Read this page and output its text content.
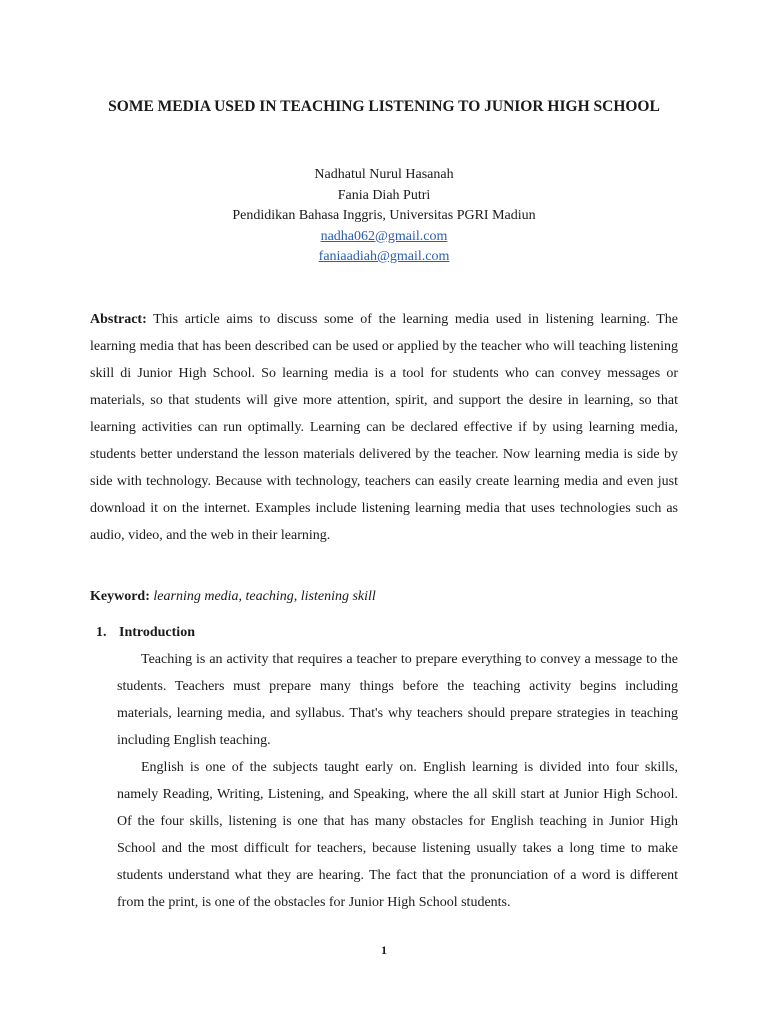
SOME MEDIA USED IN TEACHING LISTENING TO JUNIOR HIGH SCHOOL
Nadhatul Nurul Hasanah
Fania Diah Putri
Pendidikan Bahasa Inggris, Universitas PGRI Madiun
nadha062@gmail.com
faniaadiah@gmail.com

Abstract: This article aims to discuss some of the learning media used in listening learning. The learning media that has been described can be used or applied by the teacher who will teaching listening skill di Junior High School. So learning media is a tool for students who can convey messages or materials, so that students will give more attention, spirit, and support the desire in learning, so that learning activities can run optimally. Learning can be declared effective if by using learning media, students better understand the lesson materials delivered by the teacher. Now learning media is side by side with technology. Because with technology, teachers can easily create learning media and even just download it on the internet. Examples include listening learning media that uses technologies such as audio, video, and the web in their learning.

Keyword: learning media, teaching, listening skill

1. Introduction

Teaching is an activity that requires a teacher to prepare everything to convey a message to the students. Teachers must prepare many things before the teaching activity begins including materials, learning media, and syllabus. That's why teachers should prepare strategies in teaching including English teaching.

English is one of the subjects taught early on. English learning is divided into four skills, namely Reading, Writing, Listening, and Speaking, where the all skill start at Junior High School. Of the four skills, listening is one that has many obstacles for English teaching in Junior High School and the most difficult for teachers, because listening usually takes a long time to make students understand what they are hearing. The fact that the pronunciation of a word is different from the print, is one of the obstacles for Junior High School students.

1
